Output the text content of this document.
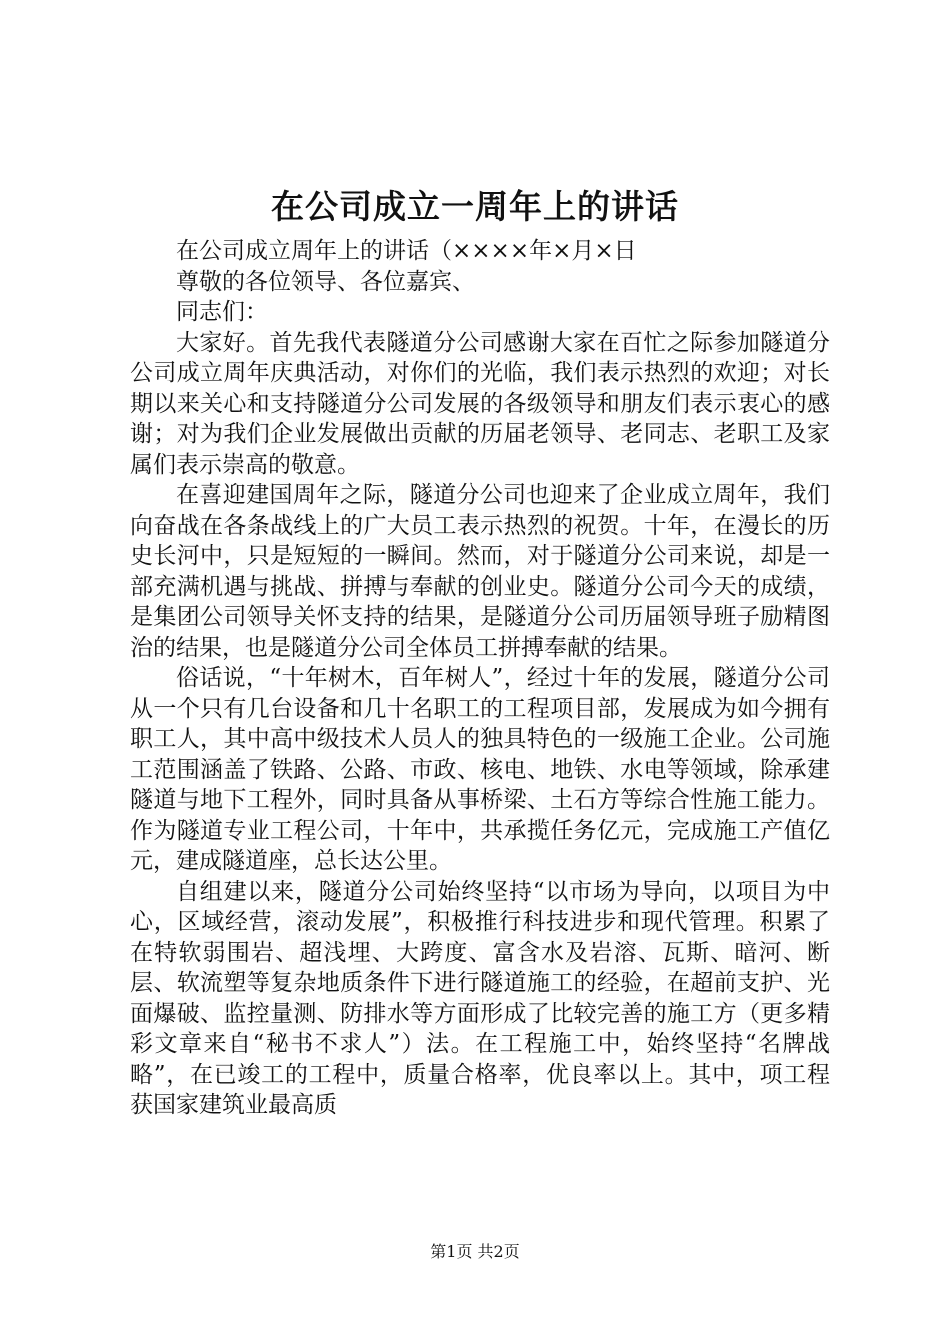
在公司成立一周年上的讲话

在公司成立周年上的讲话（××××年×月×日

尊敬的各位领导、各位嘉宾、

同志们：

大家好。首先我代表隧道分公司感谢大家在百忙之际参加隧道分公司成立周年庆典活动，对你们的光临，我们表示热烈的欢迎；对长期以来关心和支持隧道分公司发展的各级领导和朋友们表示衷心的感谢；对为我们企业发展做出贡献的历届老领导、老同志、老职工及家属们表示崇高的敬意。

在喜迎建国周年之际，隧道分公司也迎来了企业成立周年，我们向奋战在各条战线上的广大员工表示热烈的祝贺。十年，在漫长的历史长河中，只是短短的一瞬间。然而，对于隧道分公司来说，却是一部充满机遇与挑战、拼搏与奉献的创业史。隧道分公司今天的成绩，是集团公司领导关怀支持的结果，是隧道分公司历届领导班子励精图治的结果，也是隧道分公司全体员工拼搏奉献的结果。

俗话说，“十年树木，百年树人”，经过十年的发展，隧道分公司从一个只有几台设备和几十名职工的工程项目部，发展成为如今拥有职工人，其中高中级技术人员人的独具特色的一级施工企业。公司施工范围涵盖了铁路、公路、市政、核电、地铁、水电等领域，除承建隧道与地下工程外，同时具备从事桥梁、土石方等综合性施工能力。作为隧道专业工程公司，十年中，共承揽任务亿元，完成施工产值亿元，建成隧道座，总长达公里。

自组建以来，隧道分公司始终坚持“以市场为导向，以项目为中心，区域经营，滚动发展”，积极推行科技进步和现代管理。积累了在特软弱围岩、超浅埋、大跨度、富含水及岩溶、瓦斯、暗河、断层、软流塑等复杂地质条件下进行隧道施工的经验，在超前支护、光面爆破、监控量测、防排水等方面形成了比较完善的施工方（更多精彩文章来自“秘书不求人”）法。在工程施工中，始终坚持“名牌战略”，在已竣工的工程中，质量合格率，优良率以上。其中，项工程获国家建筑业最高质

第1页 共2页
